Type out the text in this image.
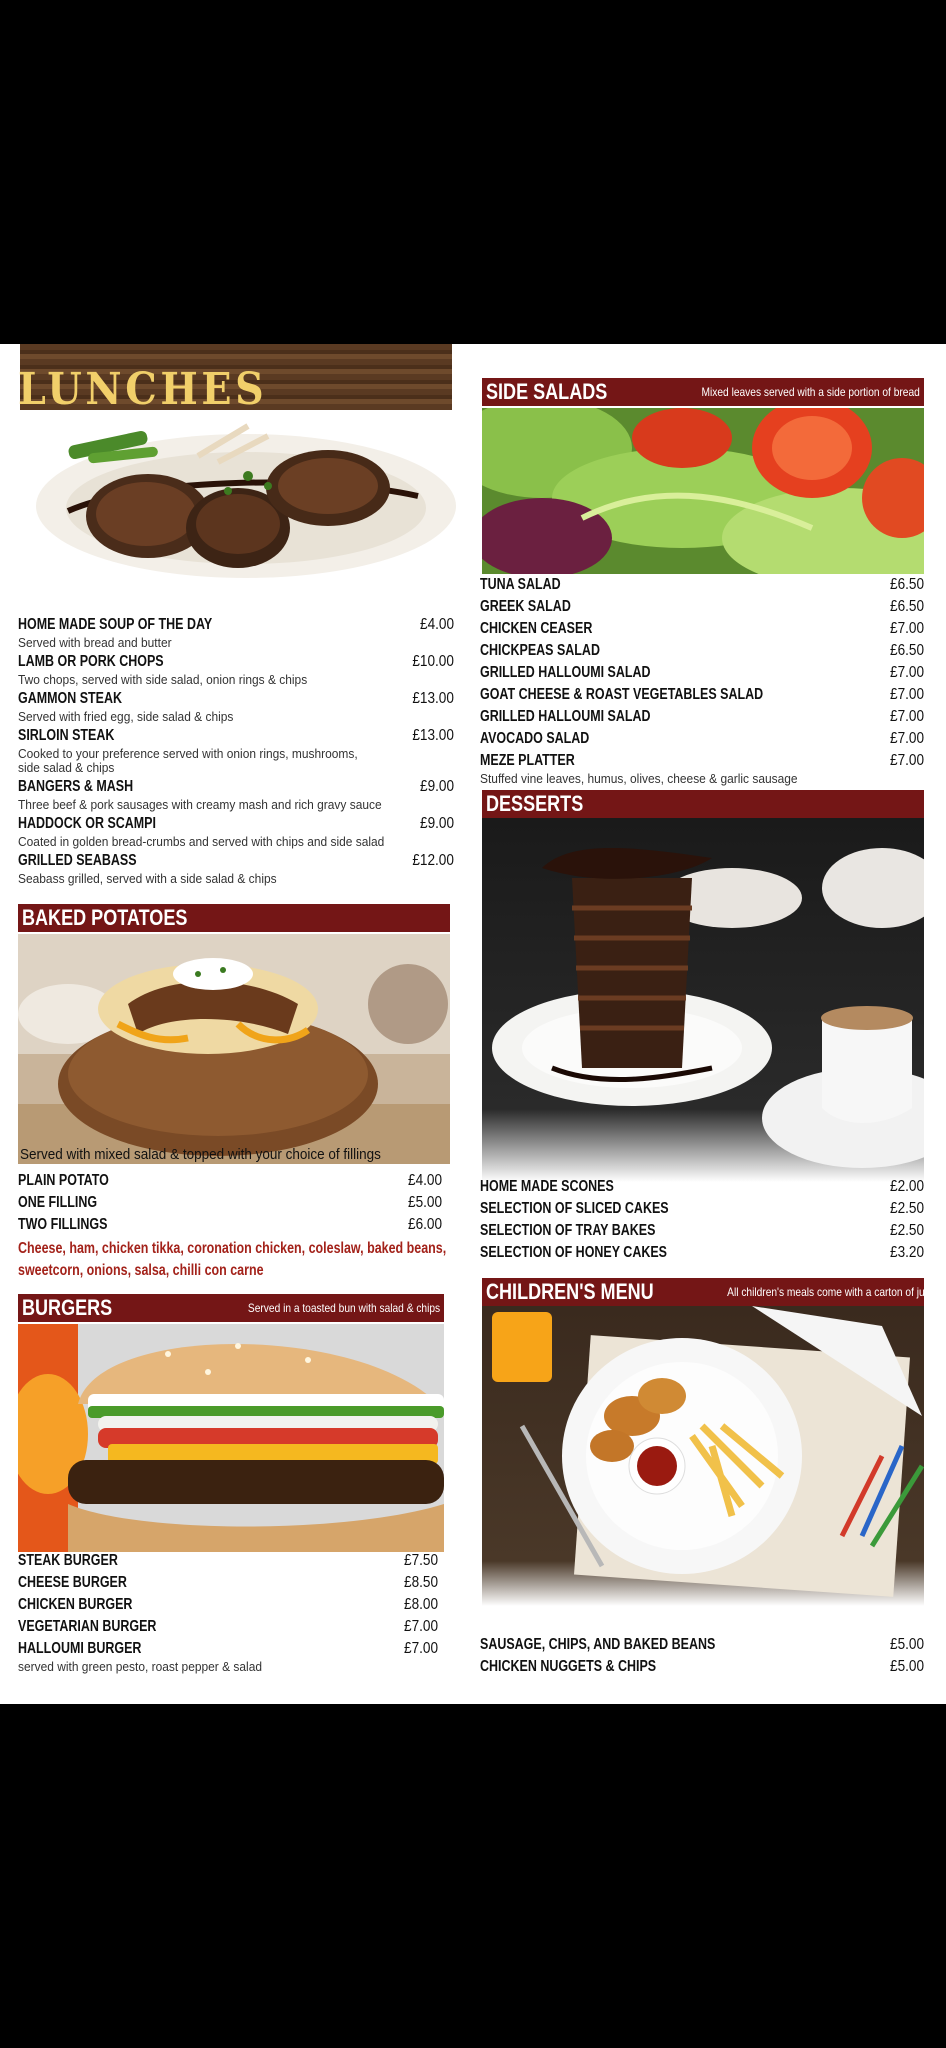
LUNCHES
HOME MADE SOUP OF THE DAY	£4.00
Served with bread and butter
LAMB OR PORK CHOPS	£10.00
Two chops, served with side salad, onion rings & chips
GAMMON STEAK	£13.00
Served with fried egg, side salad & chips
SIRLOIN STEAK	£13.00
Cooked to your preference served with onion rings, mushrooms,
side salad & chips
BANGERS & MASH	£9.00
Three beef & pork sausages with creamy mash and rich gravy sauce
HADDOCK OR SCAMPI	£9.00
Coated in golden bread-crumbs and served with chips and side salad
GRILLED SEABASS	£12.00
Seabass grilled, served with a side salad & chips
BAKED POTATOES
Served with mixed salad & topped with your choice of fillings
PLAIN POTATO	£4.00
ONE FILLING	£5.00
TWO FILLINGS	£6.00
Cheese, ham, chicken tikka, coronation chicken, coleslaw, baked beans,
sweetcorn, onions, salsa, chilli con carne
BURGERS	Served in a toasted bun with salad & chips
STEAK BURGER	£7.50
CHEESE BURGER	£8.50
CHICKEN BURGER	£8.00
VEGETARIAN BURGER	£7.00
HALLOUMI BURGER	£7.00
served with green pesto, roast pepper & salad
SIDE SALADS	Mixed leaves served with a side portion of bread
TUNA SALAD	£6.50
GREEK SALAD	£6.50
CHICKEN CEASER	£7.00
CHICKPEAS SALAD	£6.50
GRILLED HALLOUMI SALAD	£7.00
GOAT CHEESE & ROAST VEGETABLES SALAD	£7.00
GRILLED HALLOUMI SALAD	£7.00
AVOCADO SALAD	£7.00
MEZE PLATTER	£7.00
Stuffed vine leaves, humus, olives, cheese & garlic sausage
DESSERTS
HOME MADE SCONES	£2.00
SELECTION OF SLICED CAKES	£2.50
SELECTION OF TRAY BAKES	£2.50
SELECTION OF HONEY CAKES	£3.20
CHILDREN'S MENU	All children's meals come with a carton of juice
SAUSAGE, CHIPS, AND BAKED BEANS	£5.00
CHICKEN NUGGETS & CHIPS	£5.00
